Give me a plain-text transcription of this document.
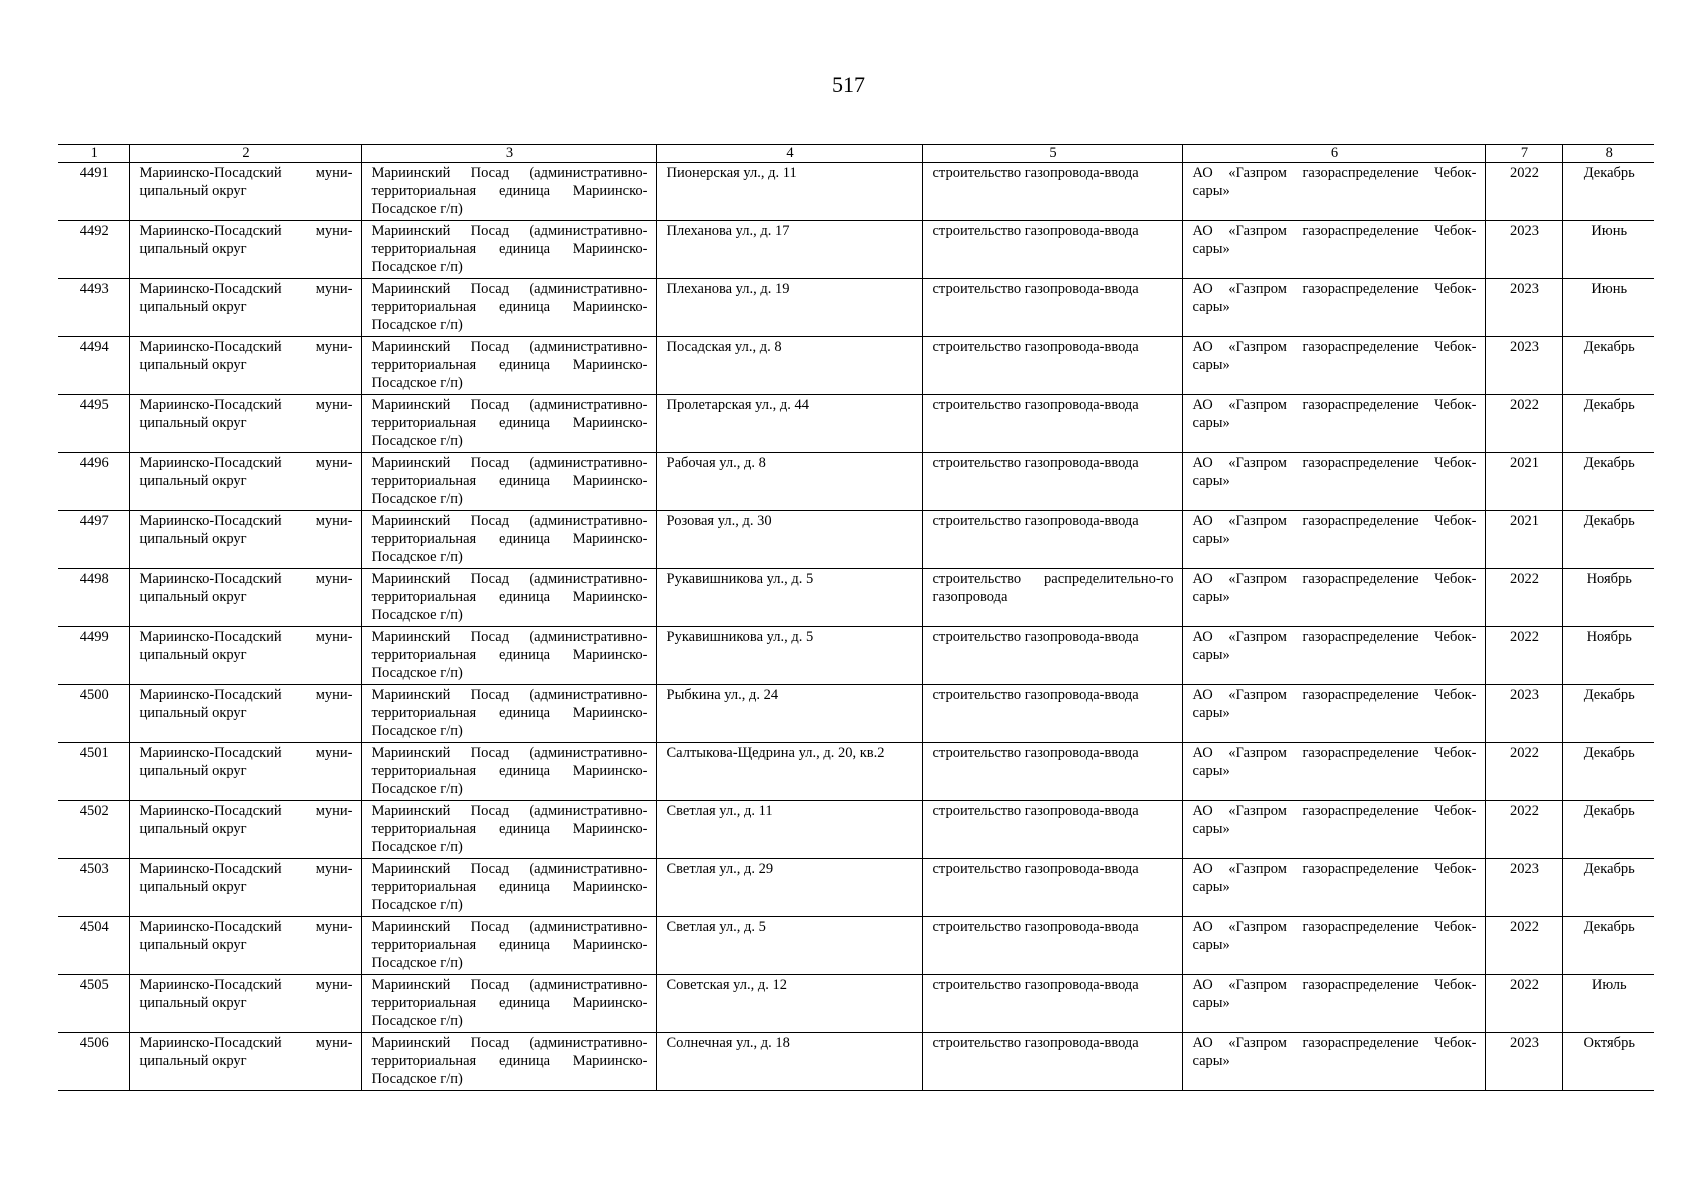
517
1	2	3	4	5	6	7	8
4491	Мариинско-Посадский муни-ципальный округ	Мариинский Посад (административно-территориальная единица Мариинско-Посадское г/п)	Пионерская ул., д. 11	строительство газопровода-ввода	АО «Газпром газораспределение Чебок-сары»	2022	Декабрь
4492	Мариинско-Посадский муни-ципальный округ	Мариинский Посад (административно-территориальная единица Мариинско-Посадское г/п)	Плеханова ул., д. 17	строительство газопровода-ввода	АО «Газпром газораспределение Чебок-сары»	2023	Июнь
4493	Мариинско-Посадский муни-ципальный округ	Мариинский Посад (административно-территориальная единица Мариинско-Посадское г/п)	Плеханова ул., д. 19	строительство газопровода-ввода	АО «Газпром газораспределение Чебок-сары»	2023	Июнь
4494	Мариинско-Посадский муни-ципальный округ	Мариинский Посад (административно-территориальная единица Мариинско-Посадское г/п)	Посадская ул., д. 8	строительство газопровода-ввода	АО «Газпром газораспределение Чебок-сары»	2023	Декабрь
4495	Мариинско-Посадский муни-ципальный округ	Мариинский Посад (административно-территориальная единица Мариинско-Посадское г/п)	Пролетарская ул., д. 44	строительство газопровода-ввода	АО «Газпром газораспределение Чебок-сары»	2022	Декабрь
4496	Мариинско-Посадский муни-ципальный округ	Мариинский Посад (административно-территориальная единица Мариинско-Посадское г/п)	Рабочая ул., д. 8	строительство газопровода-ввода	АО «Газпром газораспределение Чебок-сары»	2021	Декабрь
4497	Мариинско-Посадский муни-ципальный округ	Мариинский Посад (административно-территориальная единица Мариинско-Посадское г/п)	Розовая ул., д. 30	строительство газопровода-ввода	АО «Газпром газораспределение Чебок-сары»	2021	Декабрь
4498	Мариинско-Посадский муни-ципальный округ	Мариинский Посад (административно-территориальная единица Мариинско-Посадское г/п)	Рукавишникова ул., д. 5	строительство распределительно-го газопровода	АО «Газпром газораспределение Чебок-сары»	2022	Ноябрь
4499	Мариинско-Посадский муни-ципальный округ	Мариинский Посад (административно-территориальная единица Мариинско-Посадское г/п)	Рукавишникова ул., д. 5	строительство газопровода-ввода	АО «Газпром газораспределение Чебок-сары»	2022	Ноябрь
4500	Мариинско-Посадский муни-ципальный округ	Мариинский Посад (административно-территориальная единица Мариинско-Посадское г/п)	Рыбкина ул., д. 24	строительство газопровода-ввода	АО «Газпром газораспределение Чебок-сары»	2023	Декабрь
4501	Мариинско-Посадский муни-ципальный округ	Мариинский Посад (административно-территориальная единица Мариинско-Посадское г/п)	Салтыкова-Щедрина ул., д. 20, кв.2	строительство газопровода-ввода	АО «Газпром газораспределение Чебок-сары»	2022	Декабрь
4502	Мариинско-Посадский муни-ципальный округ	Мариинский Посад (административно-территориальная единица Мариинско-Посадское г/п)	Светлая ул., д. 11	строительство газопровода-ввода	АО «Газпром газораспределение Чебок-сары»	2022	Декабрь
4503	Мариинско-Посадский муни-ципальный округ	Мариинский Посад (административно-территориальная единица Мариинско-Посадское г/п)	Светлая ул., д. 29	строительство газопровода-ввода	АО «Газпром газораспределение Чебок-сары»	2023	Декабрь
4504	Мариинско-Посадский муни-ципальный округ	Мариинский Посад (административно-территориальная единица Мариинско-Посадское г/п)	Светлая ул., д. 5	строительство газопровода-ввода	АО «Газпром газораспределение Чебок-сары»	2022	Декабрь
4505	Мариинско-Посадский муни-ципальный округ	Мариинский Посад (административно-территориальная единица Мариинско-Посадское г/п)	Советская ул., д. 12	строительство газопровода-ввода	АО «Газпром газораспределение Чебок-сары»	2022	Июль
4506	Мариинско-Посадский муни-ципальный округ	Мариинский Посад (административно-территориальная единица Мариинско-Посадское г/п)	Солнечная ул., д. 18	строительство газопровода-ввода	АО «Газпром газораспределение Чебок-сары»	2023	Октябрь
